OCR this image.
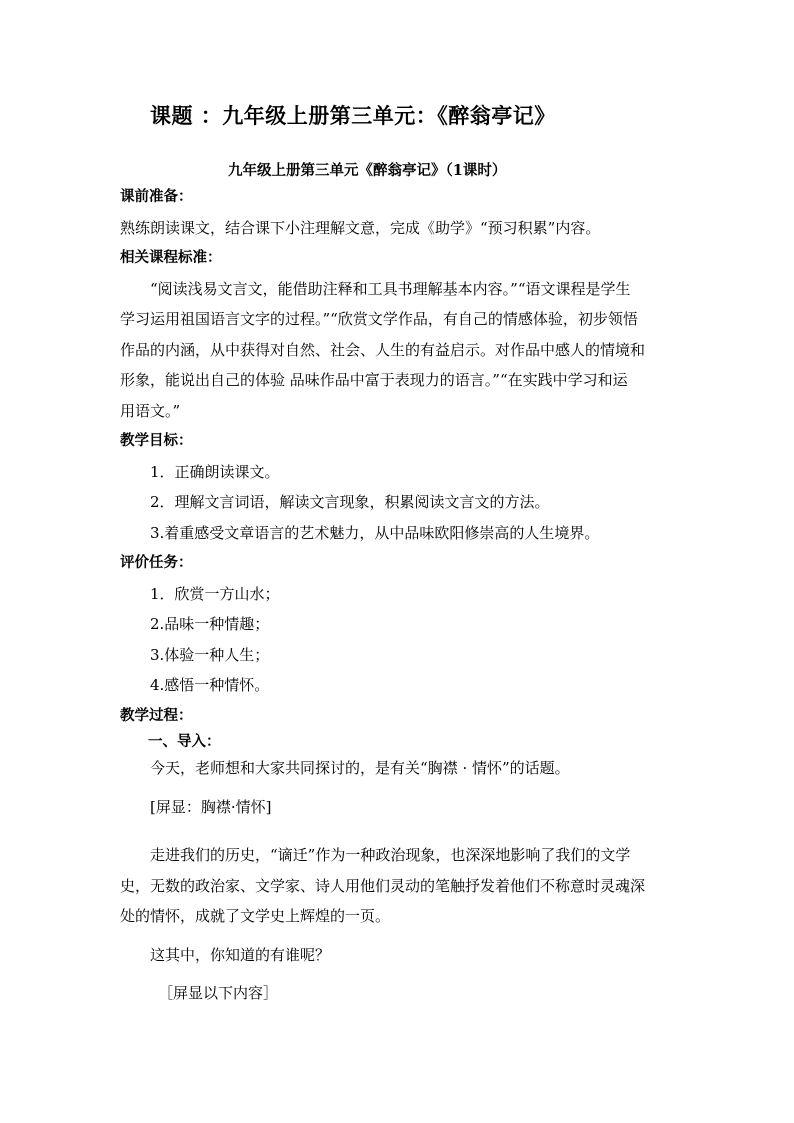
课题 ：九年级上册第三单元：《醉翁亭记》
九年级上册第三单元《醉翁亭记》（1课时）

课前准备：

熟练朗读课文，结合课下小注理解文意，完成《助学》“预习积累”内容。

相关课程标准：

“阅读浅易文言文，能借助注释和工具书理解基本内容。”“语文课程是学生

学习运用祖国语言文字的过程。”“欣赏文学作品，有自己的情感体验，初步领悟

作品的内涵，从中获得对自然、社会、人生的有益启示。对作品中感人的情境和

形象，能说出自己的体验 品味作品中富于表现力的语言。”“在实践中学习和运

用语文。”

教学目标：

1．正确朗读课文。

2．理解文言词语，解读文言现象，积累阅读文言文的方法。

3.着重感受文章语言的艺术魅力，从中品味欧阳修崇高的人生境界。

评价任务：

1．欣赏一方山水；

2.品味一种情趣；

3.体验一种人生；

4.感悟一种情怀。

教学过程：

一、导入：

今天，老师想和大家共同探讨的，是有关“胸襟 · 情怀”的话题。

[屏显：胸襟·情怀]

走进我们的历史，“谪迁”作为一种政治现象，也深深地影响了我们的文学

史，无数的政治家、文学家、诗人用他们灵动的笔触抒发着他们不称意时灵魂深

处的情怀，成就了文学史上辉煌的一页。

这其中，你知道的有谁呢？

［屏显以下内容］
